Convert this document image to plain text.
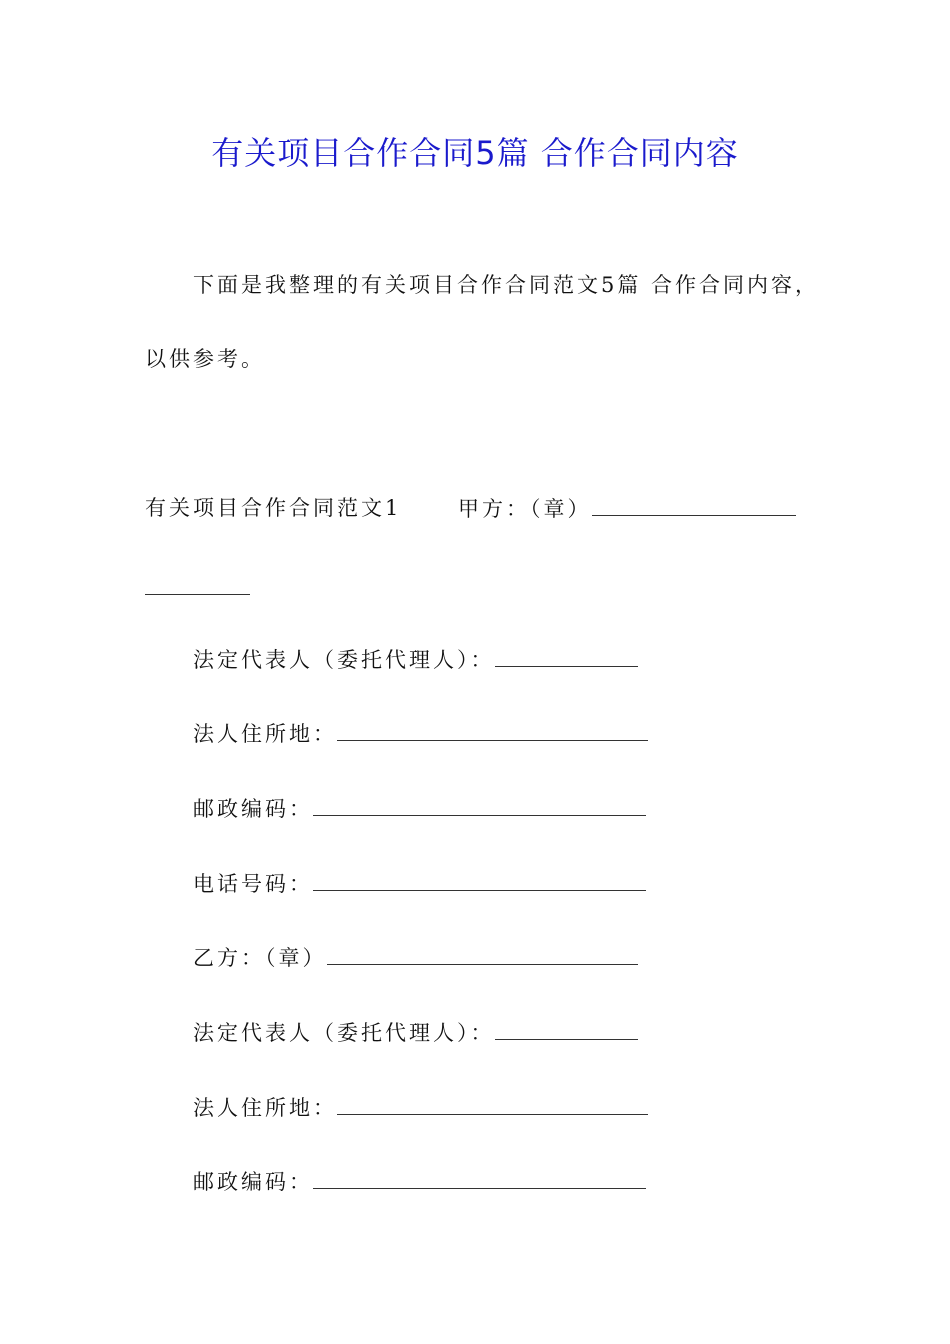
有关项目合作合同5篇 合作合同内容
下面是我整理的有关项目合作合同范文5篇 合作合同内容，
以供参考。
有关项目合作合同范文1	甲方：（章）
法定代表人（委托代理人）：
法人住所地：
邮政编码：
电话号码：
乙方：（章）
法定代表人（委托代理人）：
法人住所地：
邮政编码：
